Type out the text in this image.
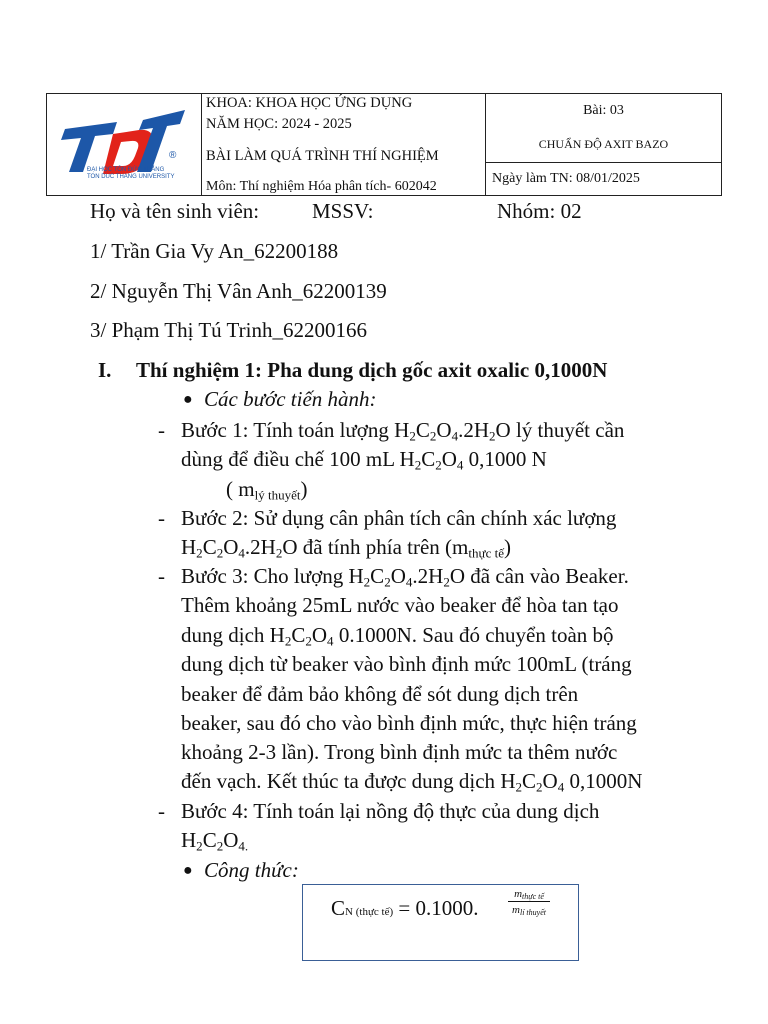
®
ĐẠI HỌC TÔN ĐỨC THẮNG
TON DUC THANG UNIVERSITY
KHOA: KHOA HỌC ỨNG DỤNG
NĂM HỌC: 2024 - 2025
BÀI LÀM QUÁ TRÌNH THÍ NGHIỆM
Môn: Thí nghiệm Hóa phân tích- 602042
Bài: 03
CHUẨN ĐỘ AXIT BAZO
Ngày làm TN: 08/01/2025
Họ và tên sinh viên:	MSSV:	Nhóm: 02
1/ Trần Gia Vy An_62200188
2/ Nguyễn Thị Vân Anh_62200139
3/ Phạm Thị Tú Trinh_62200166
I. Thí nghiệm 1: Pha dung dịch gốc axit oxalic 0,1000N
● Các bước tiến hành:
- Bước 1: Tính toán lượng $H_2C_2O_4.2H_2O$ lý thuyết cần
dùng để điều chế 100 mL $H_2C_2O_4$ 0,1000 N
( $m_{lý thuyết}$)
- Bước 2: Sử dụng cân phân tích cân chính xác lượng
$H_2C_2O_4.2H_2O$ đã tính phía trên $(m_{thực tế})$
- Bước 3: Cho lượng $H_2C_2O_4.2H_2O$ đã cân vào Beaker.
Thêm khoảng 25mL nước vào beaker để hòa tan tạo
dung dịch $H_2C_2O_4$ 0.1000N. Sau đó chuyển toàn bộ
dung dịch từ beaker vào bình định mức 100mL (tráng
beaker để đảm bảo không để sót dung dịch trên
beaker, sau đó cho vào bình định mức, thực hiện tráng
khoảng 2-3 lần). Trong bình định mức ta thêm nước
đến vạch. Kết thúc ta được dung dịch $H_2C_2O_4$ 0,1000N
- Bước 4: Tính toán lại nồng độ thực của dung dịch
$H_2C_2O_{4.}$
● Công thức:
CN (thực tế) = 0.1000.
$m_{thực tế}$
$m_{lí thuyết}$
